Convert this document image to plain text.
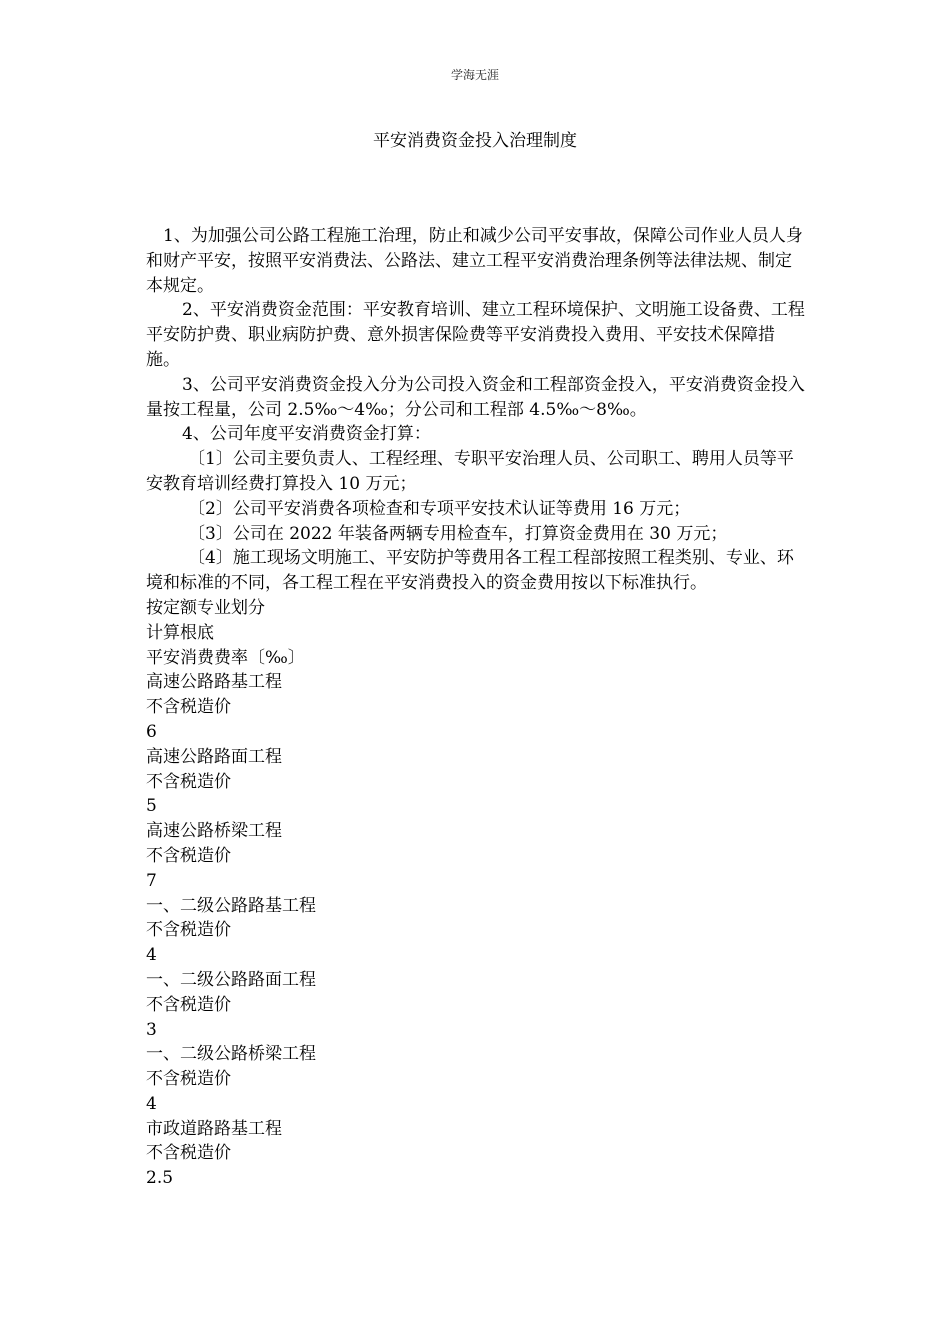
学海无涯
平安消费资金投入治理制度

1、为加强公司公路工程施工治理，防止和减少公司平安事故，保障公司作业人员人身和财产平安，按照平安消费法、公路法、建立工程平安消费治理条例等法律法规、制定本规定。

2、平安消费资金范围：平安教育培训、建立工程环境保护、文明施工设备费、工程平安防护费、职业病防护费、意外损害保险费等平安消费投入费用、平安技术保障措施。

3、公司平安消费资金投入分为公司投入资金和工程部资金投入，平安消费资金投入量按工程量，公司 2.5‰～4‰；分公司和工程部 4.5‰～8‰。

4、公司年度平安消费资金打算：

〔1〕公司主要负责人、工程经理、专职平安治理人员、公司职工、聘用人员等平安教育培训经费打算投入 10 万元；

〔2〕公司平安消费各项检查和专项平安技术认证等费用 16 万元；

〔3〕公司在 2022 年装备两辆专用检查车，打算资金费用在 30 万元；

〔4〕施工现场文明施工、平安防护等费用各工程工程部按照工程类别、专业、环境和标准的不同，各工程工程在平安消费投入的资金费用按以下标准执行。

按定额专业划分

计算根底

平安消费费率〔‰〕

高速公路路基工程

不含税造价

6

高速公路路面工程

不含税造价

5

高速公路桥梁工程

不含税造价

7

一、二级公路路基工程

不含税造价

4

一、二级公路路面工程

不含税造价

3

一、二级公路桥梁工程

不含税造价

4

市政道路路基工程

不含税造价

2.5
